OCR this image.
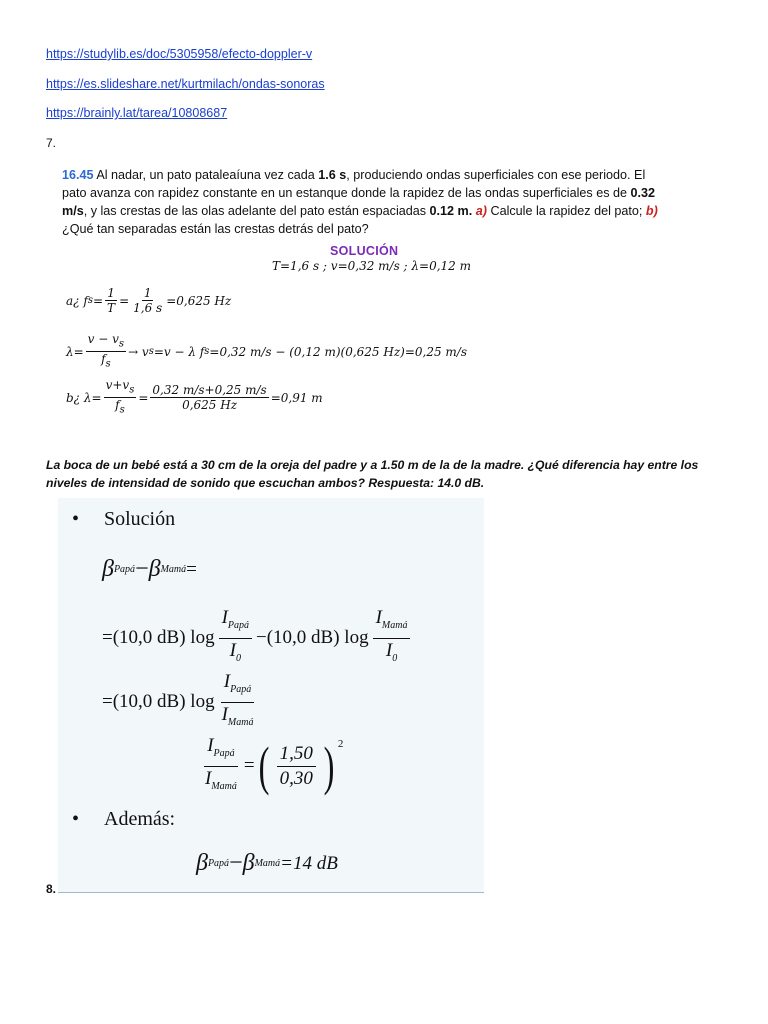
https://studylib.es/doc/5305958/efecto-doppler-v
https://es.slideshare.net/kurtmilach/ondas-sonoras
https://brainly.lat/tarea/10808687
7.
16.45 Al nadar, un pato pataleaíuna vez cada 1.6 s, produciendo ondas superficiales con ese periodo. El pato avanza con rapidez constante en un estanque donde la rapidez de las ondas superficiales es de 0.32 m/s, y las crestas de las olas adelante del pato están espaciadas 0.12 m. a) Calcule la rapidez del pato; b) ¿Qué tan separadas están las crestas detrás del pato?
SOLUCIÓN
T=1,6 s ; v=0,32 m/s ; λ=0,12 m
a¿ f $s = \frac{1}{T} = \frac{1}{1,6 s} =0,625$ Hz
$\lambda= \frac{v - v_s}{f_s} \to v$ s =v − λ f s =0,32 m/s − (0,12 m)(0,625 Hz)=0,25 m/s
b¿ $\lambda= \frac{v+v_s}{f_s} = \frac{0,32 m/s+0,25 m/s}{0,625 Hz} =0,91$ m
La boca de un bebé está a 30 cm de la oreja del padre y a 1.50 m de la de la madre. ¿Qué diferencia hay entre los niveles de intensidad de sonido que escuchan ambos? Respuesta: 14.0 dB.
• Solución
β Papá − β Mamá =
=(10,0 dB) log
$I_{Papá}$
$I_0$
−(10,0 dB) log
$I_{Mamá}$
$I_0$
=(10,0 dB) log
$I_{Papá}$
$I_{Mamá}$
$I_{Papá}$
$I_{Mamá}$
= ( $\frac{1,50}{0,30}$ ) $^2$
• Además:
β Papá − β Mamá =14 dB
8.
